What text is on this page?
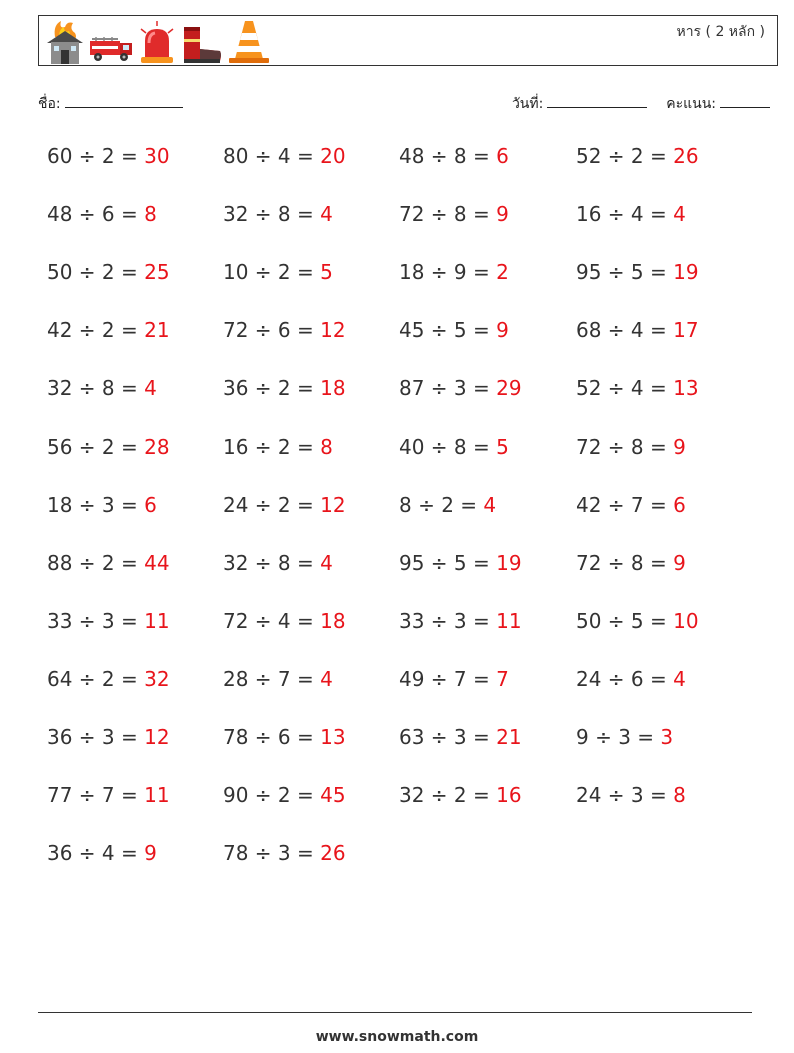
หาร ( 2 หลัก )
ชื่อ:	วันที่:	คะแนน:
60 ÷ 2 = 30	80 ÷ 4 = 20	48 ÷ 8 = 6	52 ÷ 2 = 26
48 ÷ 6 = 8	32 ÷ 8 = 4	72 ÷ 8 = 9	16 ÷ 4 = 4
50 ÷ 2 = 25	10 ÷ 2 = 5	18 ÷ 9 = 2	95 ÷ 5 = 19
42 ÷ 2 = 21	72 ÷ 6 = 12	45 ÷ 5 = 9	68 ÷ 4 = 17
32 ÷ 8 = 4	36 ÷ 2 = 18	87 ÷ 3 = 29	52 ÷ 4 = 13
56 ÷ 2 = 28	16 ÷ 2 = 8	40 ÷ 8 = 5	72 ÷ 8 = 9
18 ÷ 3 = 6	24 ÷ 2 = 12	8 ÷ 2 = 4	42 ÷ 7 = 6
88 ÷ 2 = 44	32 ÷ 8 = 4	95 ÷ 5 = 19	72 ÷ 8 = 9
33 ÷ 3 = 11	72 ÷ 4 = 18	33 ÷ 3 = 11	50 ÷ 5 = 10
64 ÷ 2 = 32	28 ÷ 7 = 4	49 ÷ 7 = 7	24 ÷ 6 = 4
36 ÷ 3 = 12	78 ÷ 6 = 13	63 ÷ 3 = 21	9 ÷ 3 = 3
77 ÷ 7 = 11	90 ÷ 2 = 45	32 ÷ 2 = 16	24 ÷ 3 = 8
36 ÷ 4 = 9	78 ÷ 3 = 26
www.snowmath.com
